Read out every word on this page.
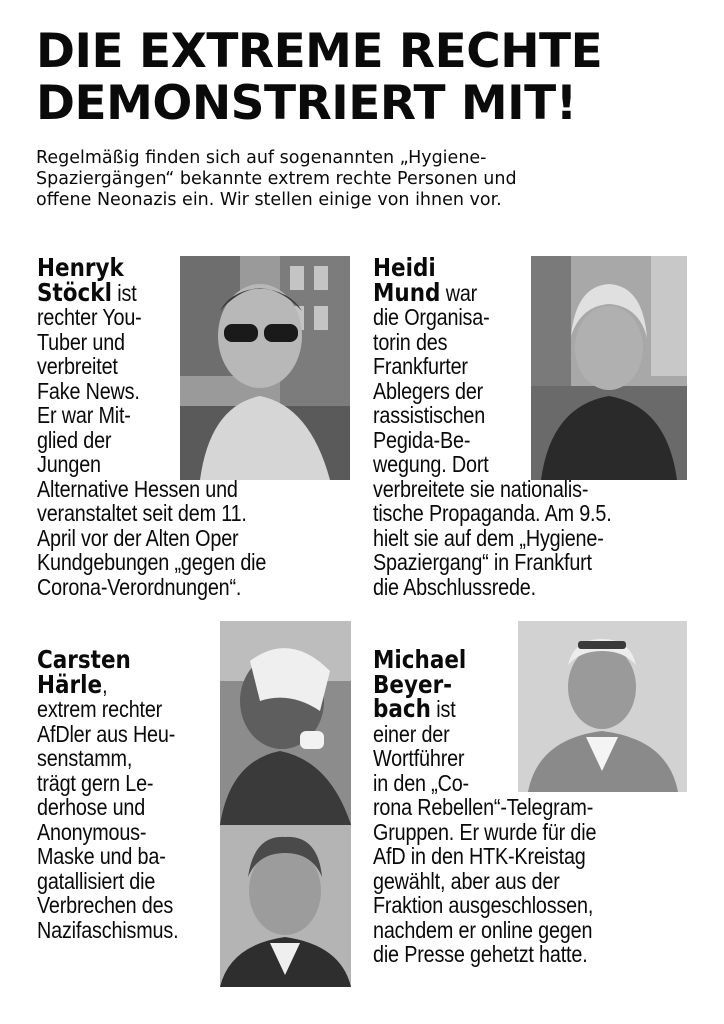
DIE EXTREME RECHTE
DEMONSTRIERT MIT!

Regelmäßig finden sich auf sogenannten „Hygiene-
Spaziergängen“ bekannte extrem rechte Personen und
offene Neonazis ein. Wir stellen einige von ihnen vor.

Henryk
Stöckl ist
rechter You-
Tuber und
verbreitet
Fake News.
Er war Mit-
glied der
Jungen
Alternative Hessen und
veranstaltet seit dem 11.
April vor der Alten Oper
Kundgebungen „gegen die
Corona-Verordnungen“.
Heidi
Mund war
die Organisa-
torin des
Frankfurter
Ablegers der
rassistischen
Pegida-Be-
wegung. Dort
verbreitete sie nationalis-
tische Propaganda. Am 9.5.
hielt sie auf dem „Hygiene-
Spaziergang“ in Frankfurt
die Abschlussrede.
Carsten
Härle,
extrem rechter
AfDler aus Heu-
senstamm,
trägt gern Le-
derhose und
Anonymous-
Maske und ba-
gatallisiert die
Verbrechen des
Nazifaschismus.
Michael
Beyer-
bach ist
einer der
Wortführer
in den „Co-
rona Rebellen“-Telegram-
Gruppen. Er wurde für die
AfD in den HTK-Kreistag
gewählt, aber aus der
Fraktion ausgeschlossen,
nachdem er online gegen
die Presse gehetzt hatte.
